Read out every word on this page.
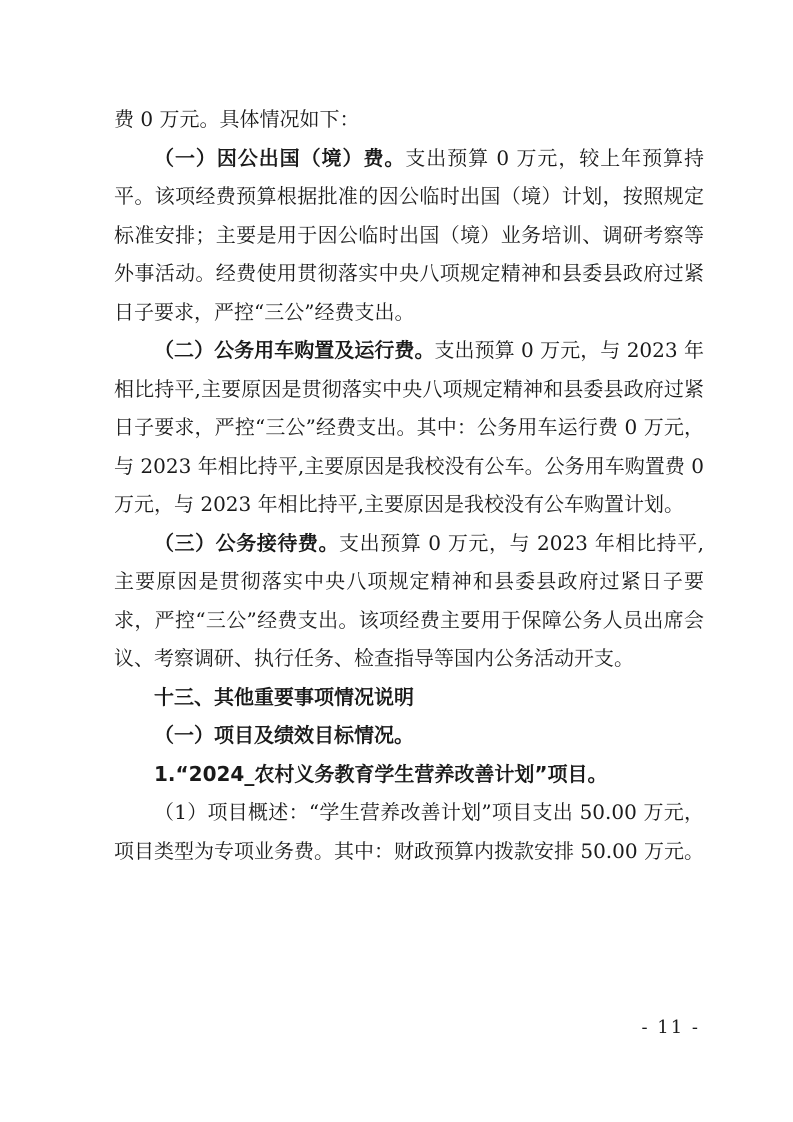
费 0 万元。具体情况如下：

（一）因公出国（境）费。支出预算 0 万元，较上年预算持平。该项经费预算根据批准的因公临时出国（境）计划，按照规定标准安排；主要是用于因公临时出国（境）业务培训、调研考察等外事活动。经费使用贯彻落实中央八项规定精神和县委县政府过紧日子要求，严控“三公”经费支出。

（二）公务用车购置及运行费。支出预算 0 万元，与 2023 年相比持平,主要原因是贯彻落实中央八项规定精神和县委县政府过紧日子要求，严控“三公”经费支出。其中：公务用车运行费 0 万元，与 2023 年相比持平,主要原因是我校没有公车。公务用车购置费 0 万元，与 2023 年相比持平,主要原因是我校没有公车购置计划。

（三）公务接待费。支出预算 0 万元，与 2023 年相比持平,主要原因是贯彻落实中央八项规定精神和县委县政府过紧日子要求，严控“三公”经费支出。该项经费主要用于保障公务人员出席会议、考察调研、执行任务、检查指导等国内公务活动开支。

十三、其他重要事项情况说明

（一）项目及绩效目标情况。

1.“2024_农村义务教育学生营养改善计划”项目。

（1）项目概述：“学生营养改善计划”项目支出 50.00 万元，项目类型为专项业务费。其中：财政预算内拨款安排 50.00 万元。

- 11 -
